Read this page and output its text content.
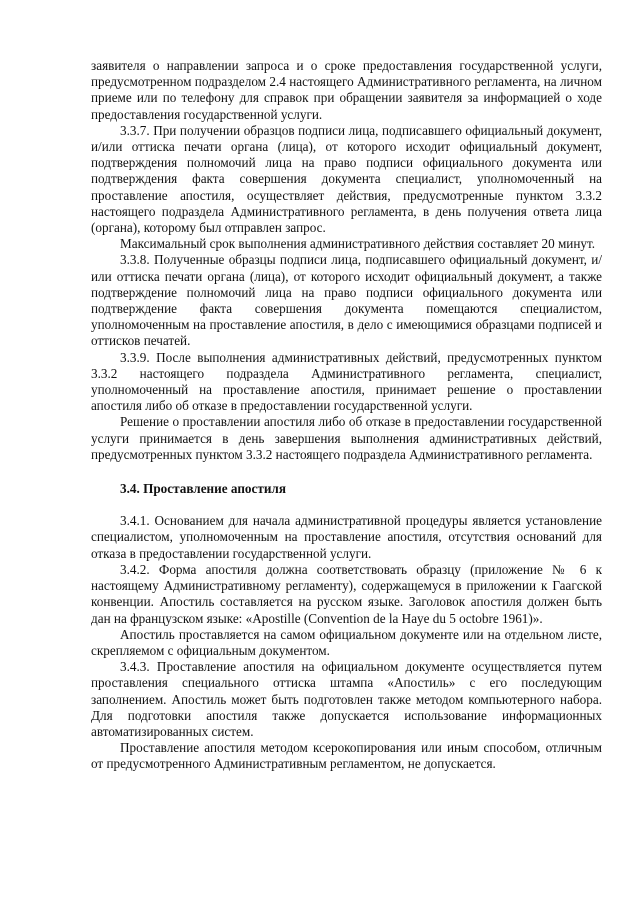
заявителя о направлении запроса и о сроке предоставления государственной услуги, предусмотренном подразделом 2.4 настоящего Административного регламента, на личном приеме или по телефону для справок при обращении заявителя за информацией о ходе предоставления государственной услуги.

3.3.7. При получении образцов подписи лица, подписавшего официальный документ, и/или оттиска печати органа (лица), от которого исходит официальный документ, подтверждения полномочий лица на право подписи официального документа или подтверждения факта совершения документа специалист, уполномоченный на проставление апостиля, осуществляет действия, предусмотренные пунктом 3.3.2 настоящего подраздела Административного регламента, в день получения ответа лица (органа), которому был отправлен запрос.

Максимальный срок выполнения административного действия составляет 20 минут.

3.3.8. Полученные образцы подписи лица, подписавшего официальный документ, и/или оттиска печати органа (лица), от которого исходит официальный документ, а также подтверждение полномочий лица на право подписи официального документа или подтверждение факта совершения документа помещаются специалистом, уполномоченным на проставление апостиля, в дело с имеющимися образцами подписей и оттисков печатей.

3.3.9. После выполнения административных действий, предусмотренных пунктом 3.3.2 настоящего подраздела Административного регламента, специалист, уполномоченный на проставление апостиля, принимает решение о проставлении апостиля либо об отказе в предоставлении государственной услуги.

Решение о проставлении апостиля либо об отказе в предоставлении государственной услуги принимается в день завершения выполнения административных действий, предусмотренных пунктом 3.3.2 настоящего подраздела Административного регламента.

3.4. Проставление апостиля

3.4.1. Основанием для начала административной процедуры является установление специалистом, уполномоченным на проставление апостиля, отсутствия оснований для отказа в предоставлении государственной услуги.

3.4.2. Форма апостиля должна соответствовать образцу (приложение № 6 к настоящему Административному регламенту), содержащемуся в приложении к Гаагской конвенции. Апостиль составляется на русском языке. Заголовок апостиля должен быть дан на французском языке: «Apostille (Convention de la Haye du 5 octobre 1961)».

Апостиль проставляется на самом официальном документе или на отдельном листе, скрепляемом с официальным документом.

3.4.3. Проставление апостиля на официальном документе осуществляется путем проставления специального оттиска штампа «Апостиль» с его последующим заполнением. Апостиль может быть подготовлен также методом компьютерного набора. Для подготовки апостиля также допускается использование информационных автоматизированных систем.

Проставление апостиля методом ксерокопирования или иным способом, отличным от предусмотренного Административным регламентом, не допускается.
